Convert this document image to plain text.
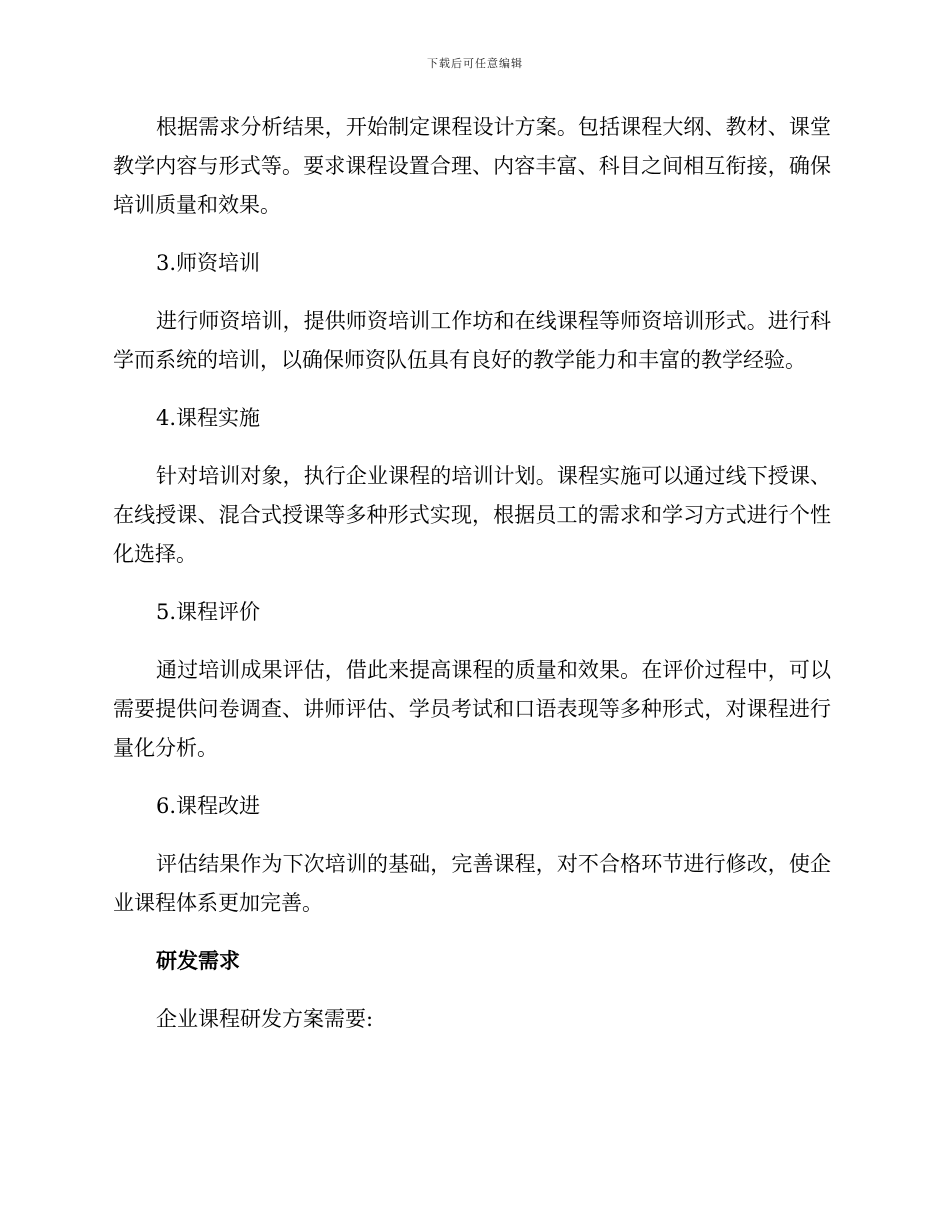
下载后可任意编辑

根据需求分析结果，开始制定课程设计方案。包括课程大纲、教材、课堂教学内容与形式等。要求课程设置合理、内容丰富、科目之间相互衔接，确保培训质量和效果。

3.师资培训

进行师资培训，提供师资培训工作坊和在线课程等师资培训形式。进行科学而系统的培训，以确保师资队伍具有良好的教学能力和丰富的教学经验。

4.课程实施

针对培训对象，执行企业课程的培训计划。课程实施可以通过线下授课、在线授课、混合式授课等多种形式实现，根据员工的需求和学习方式进行个性化选择。

5.课程评价

通过培训成果评估，借此来提高课程的质量和效果。在评价过程中，可以需要提供问卷调查、讲师评估、学员考试和口语表现等多种形式，对课程进行量化分析。

6.课程改进

评估结果作为下次培训的基础，完善课程，对不合格环节进行修改，使企业课程体系更加完善。

研发需求

企业课程研发方案需要:
